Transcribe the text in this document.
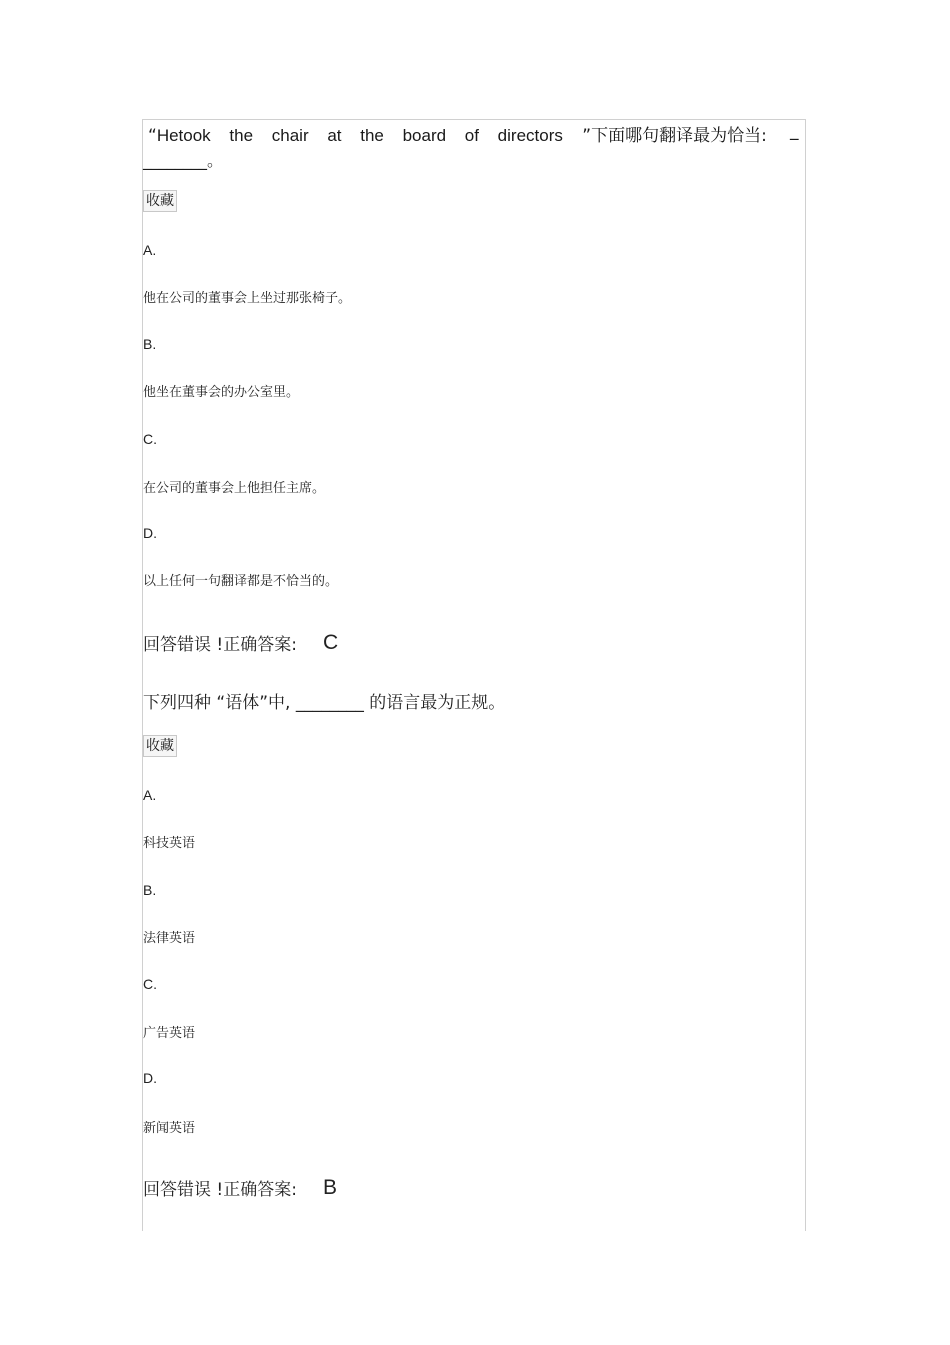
“Hetook the chair at the board of directors ”下面哪句翻译最为恰当: _
________。
收藏
A.
他在公司的董事会上坐过那张椅子。
B.
他坐在董事会的办公室里。
C.
在公司的董事会上他担任主席。
D.
以上任何一句翻译都是不恰当的。
回答错误 !正确答案: C
下列四种 “语体”中, ________ 的语言最为正规。
收藏
A.
科技英语
B.
法律英语
C.
广告英语
D.
新闻英语
回答错误 !正确答案: B
